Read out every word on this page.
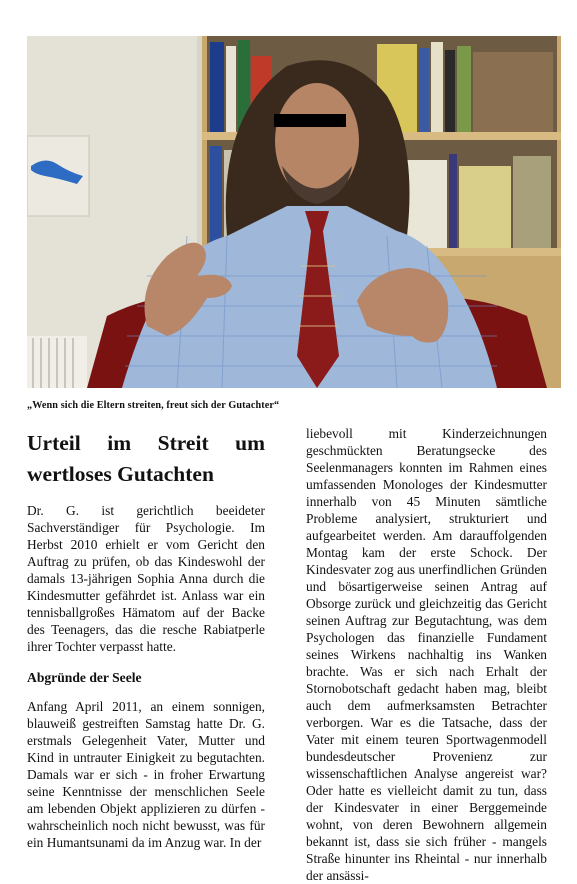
„Wenn sich die Eltern streiten, freut sich der Gutachter“
Urteil im Streit um wertloses Gutachten

Dr. G. ist gerichtlich beeideter Sachverständiger für Psychologie. Im Herbst 2010 erhielt er vom Gericht den Auftrag zu prüfen, ob das Kindeswohl der damals 13-jährigen Sophia Anna durch die Kindesmutter gefährdet ist. Anlass war ein tennisballgroßes Hämatom auf der Backe des Teenagers, das die resche Rabiatperle ihrer Tochter verpasst hatte.

Abgründe der Seele

Anfang April 2011, an einem sonnigen, blauweiß gestreiften Samstag hatte Dr. G. erstmals Gelegenheit Vater, Mutter und Kind in untrauter Einigkeit zu begutachten. Damals war er sich - in froher Erwartung seine Kenntnisse der menschlichen Seele am lebenden Objekt applizieren zu dürfen - wahrscheinlich noch nicht bewusst, was für ein Humantsunami da im Anzug war. In der

liebevoll mit Kinderzeichnungen geschmückten Beratungsecke des Seelenmanagers konnten im Rahmen eines umfassenden Monologes der Kindesmutter innerhalb von 45 Minuten sämtliche Probleme analysiert, strukturiert und aufgearbeitet werden. Am darauffolgenden Montag kam der erste Schock. Der Kindesvater zog aus unerfindlichen Gründen und bösartigerweise seinen Antrag auf Obsorge zurück und gleichzeitig das Gericht seinen Auftrag zur Begutachtung, was dem Psychologen das finanzielle Fundament seines Wirkens nachhaltig ins Wanken brachte. Was er sich nach Erhalt der Stornobotschaft gedacht haben mag, bleibt auch dem aufmerksamsten Betrachter verborgen. War es die Tatsache, dass der Vater mit einem teuren Sportwagenmodell bundesdeutscher Provenienz zur wissenschaftlichen Analyse angereist war? Oder hatte es vielleicht damit zu tun, dass der Kindesvater in einer Berggemeinde wohnt, von deren Bewohnern allgemein bekannt ist, dass sie sich früher - mangels Straße hinunter ins Rheintal - nur innerhalb der ansässi-
